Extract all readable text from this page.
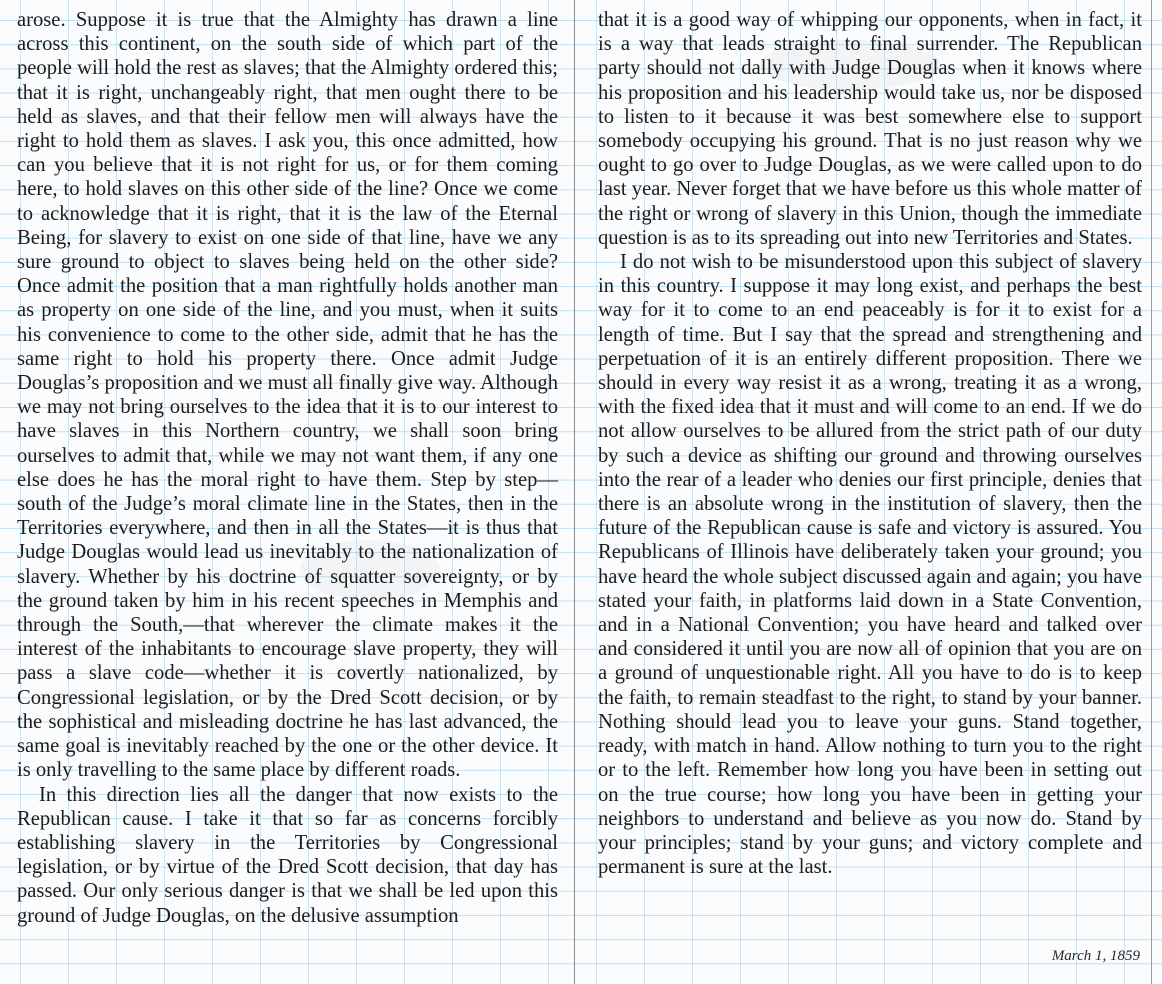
arose. Suppose it is true that the Almighty has drawn a line across this continent, on the south side of which part of the people will hold the rest as slaves; that the Almighty ordered this; that it is right, unchangeably right, that men ought there to be held as slaves, and that their fellow men will always have the right to hold them as slaves. I ask you, this once admitted, how can you believe that it is not right for us, or for them coming here, to hold slaves on this other side of the line? Once we come to acknowledge that it is right, that it is the law of the Eternal Being, for slavery to exist on one side of that line, have we any sure ground to object to slaves being held on the other side? Once admit the position that a man rightfully holds another man as property on one side of the line, and you must, when it suits his convenience to come to the other side, admit that he has the same right to hold his property there. Once admit Judge Douglas’s proposition and we must all finally give way. Although we may not bring ourselves to the idea that it is to our interest to have slaves in this Northern country, we shall soon bring ourselves to admit that, while we may not want them, if any one else does he has the moral right to have them. Step by step—south of the Judge’s moral climate line in the States, then in the Territories everywhere, and then in all the States—it is thus that Judge Douglas would lead us inevitably to the nationalization of slavery. Whether by his doctrine of squatter sovereignty, or by the ground taken by him in his recent speeches in Memphis and through the South,—that wherever the climate makes it the interest of the inhabitants to encourage slave property, they will pass a slave code—whether it is covertly nationalized, by Congressional legislation, or by the Dred Scott decision, or by the sophistical and misleading doctrine he has last advanced, the same goal is inevitably reached by the one or the other device. It is only travelling to the same place by different roads.

In this direction lies all the danger that now exists to the Republican cause. I take it that so far as concerns forcibly establishing slavery in the Territories by Congressional legislation, or by virtue of the Dred Scott decision, that day has passed. Our only serious danger is that we shall be led upon this ground of Judge Douglas, on the delusive assumption

that it is a good way of whipping our opponents, when in fact, it is a way that leads straight to final surrender. The Republican party should not dally with Judge Douglas when it knows where his proposition and his leadership would take us, nor be disposed to listen to it because it was best somewhere else to support somebody occupying his ground. That is no just reason why we ought to go over to Judge Douglas, as we were called upon to do last year. Never forget that we have before us this whole matter of the right or wrong of slavery in this Union, though the immediate question is as to its spreading out into new Territories and States.

I do not wish to be misunderstood upon this subject of slavery in this country. I suppose it may long exist, and perhaps the best way for it to come to an end peaceably is for it to exist for a length of time. But I say that the spread and strengthening and perpetuation of it is an entirely different proposition. There we should in every way resist it as a wrong, treating it as a wrong, with the fixed idea that it must and will come to an end. If we do not allow ourselves to be allured from the strict path of our duty by such a device as shifting our ground and throwing ourselves into the rear of a leader who denies our first principle, denies that there is an absolute wrong in the institution of slavery, then the future of the Republican cause is safe and victory is assured. You Republicans of Illinois have deliberately taken your ground; you have heard the whole subject discussed again and again; you have stated your faith, in platforms laid down in a State Convention, and in a National Convention; you have heard and talked over and considered it until you are now all of opinion that you are on a ground of unquestionable right. All you have to do is to keep the faith, to remain steadfast to the right, to stand by your banner. Nothing should lead you to leave your guns. Stand together, ready, with match in hand. Allow nothing to turn you to the right or to the left. Remember how long you have been in setting out on the true course; how long you have been in getting your neighbors to understand and believe as you now do. Stand by your principles; stand by your guns; and victory complete and permanent is sure at the last.

March 1, 1859
